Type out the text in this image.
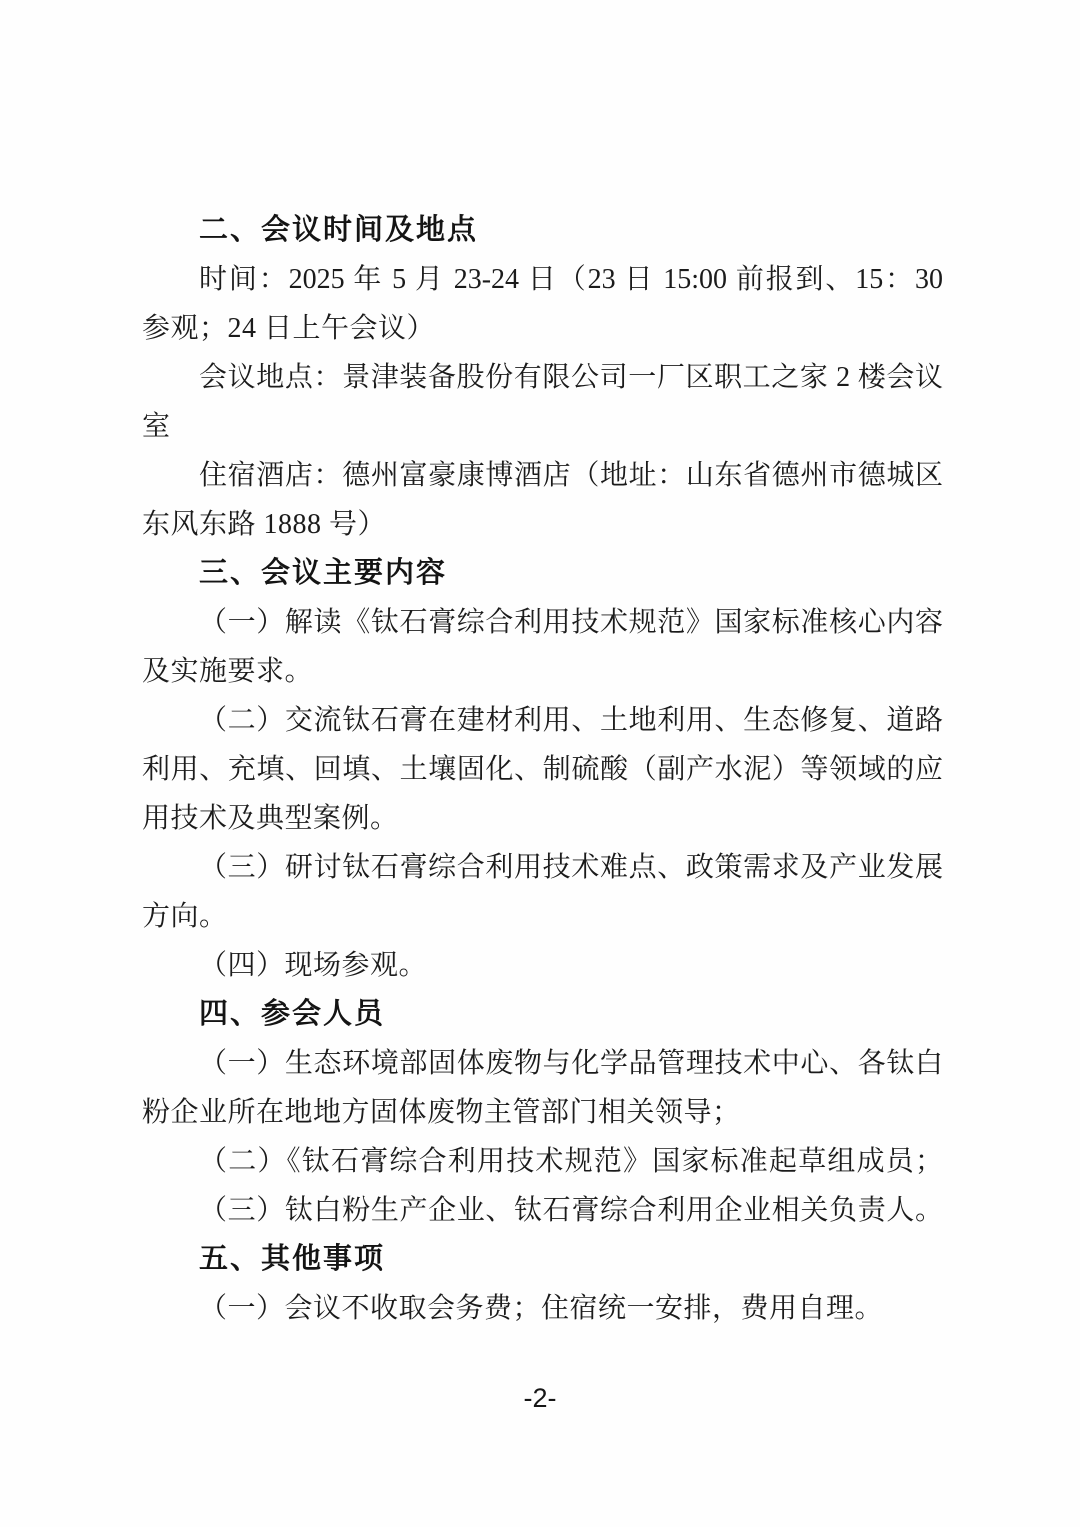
二、会议时间及地点
时间：2025 年 5 月 23-24 日（23 日 15:00 前报到、15：30
参观；24 日上午会议）
会议地点：景津装备股份有限公司一厂区职工之家 2 楼会议
室
住宿酒店：德州富豪康博酒店（地址：山东省德州市德城区
东风东路 1888 号）
三、会议主要内容
（一）解读《钛石膏综合利用技术规范》国家标准核心内容
及实施要求。
（二）交流钛石膏在建材利用、土地利用、生态修复、道路
利用、充填、回填、土壤固化、制硫酸（副产水泥）等领域的应
用技术及典型案例。
（三）研讨钛石膏综合利用技术难点、政策需求及产业发展
方向。
（四）现场参观。
四、参会人员
（一）生态环境部固体废物与化学品管理技术中心、各钛白
粉企业所在地地方固体废物主管部门相关领导；
（二）《钛石膏综合利用技术规范》国家标准起草组成员；
（三）钛白粉生产企业、钛石膏综合利用企业相关负责人。
五、其他事项
（一）会议不收取会务费；住宿统一安排，费用自理。
-2-
